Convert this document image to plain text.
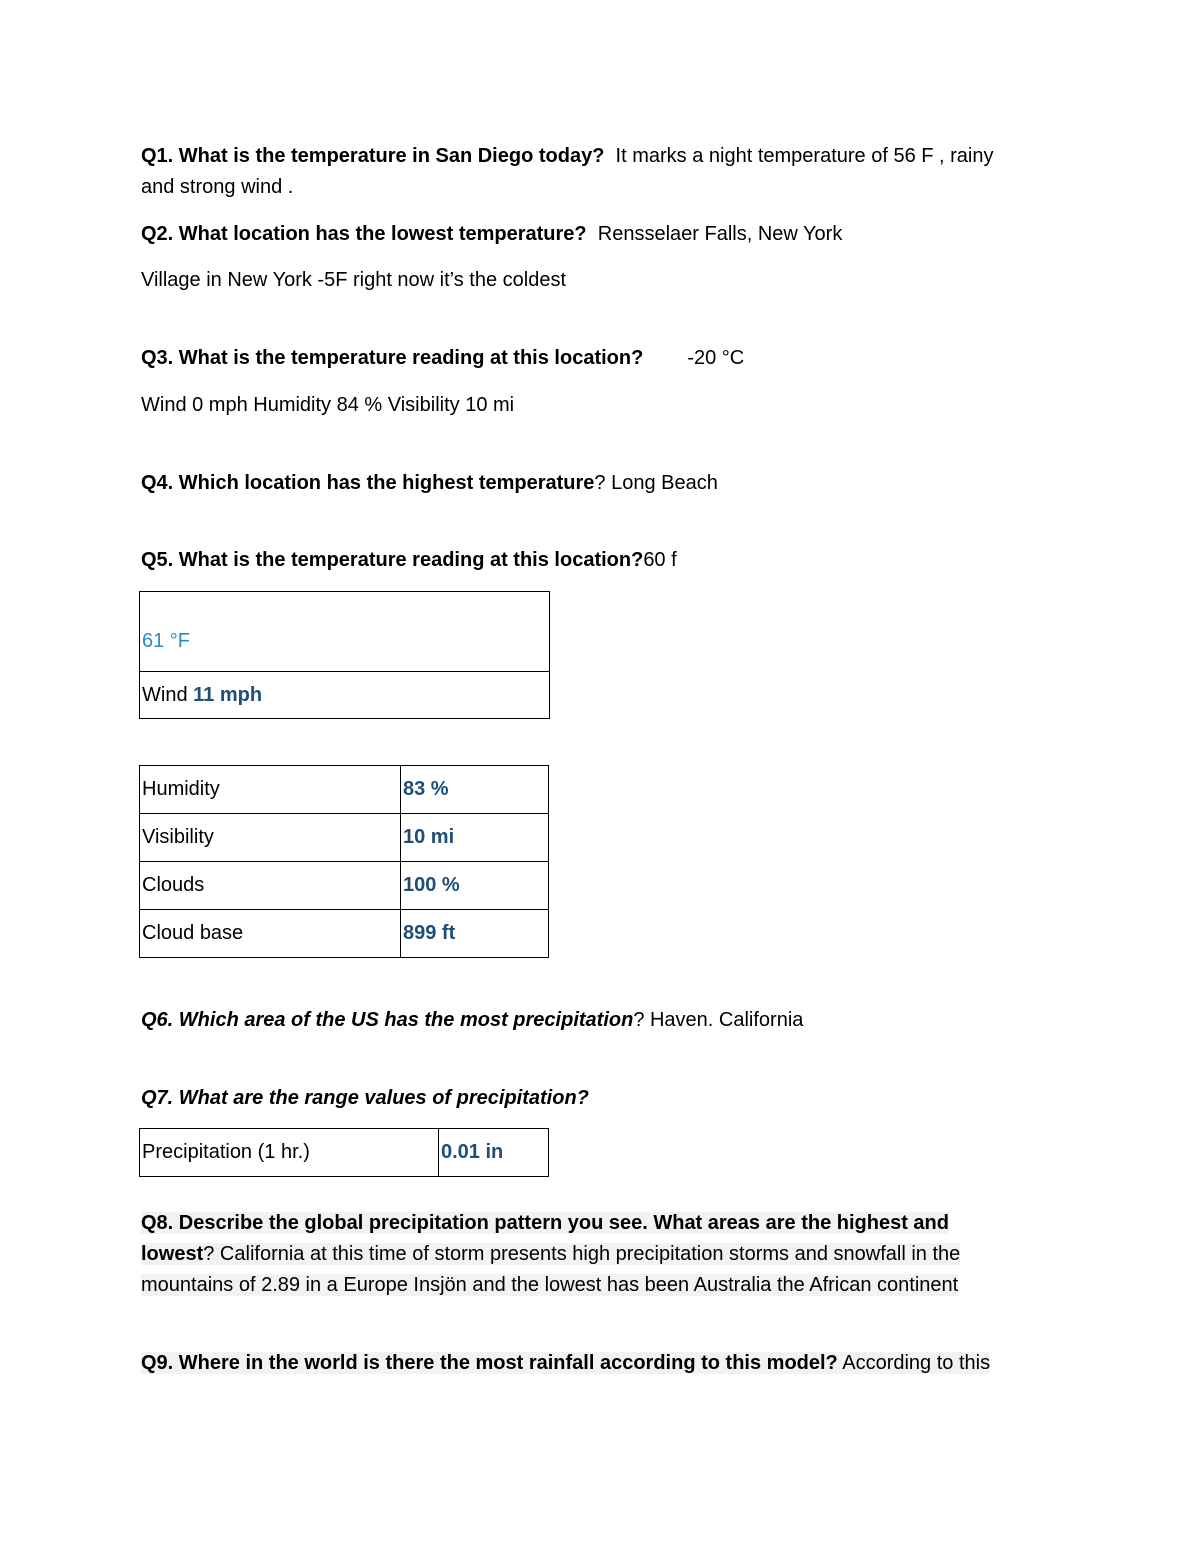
Q1. What is the temperature in San Diego today? It marks a night temperature of 56 F , rainy
and strong wind .
Q2. What location has the lowest temperature? Rensselaer Falls, New York
Village in New York -5F right now it’s the coldest
Q3. What is the temperature reading at this location? -20 °C
Wind 0 mph Humidity 84 % Visibility 10 mi
Q4. Which location has the highest temperature? Long Beach
Q5. What is the temperature reading at this location?60 f
61 °F
Wind 11 mph
Humidity	83 %
Visibility	10 mi
Clouds	100 %
Cloud base	899 ft
Q6. Which area of the US has the most precipitation? Haven. California
Q7. What are the range values of precipitation?
Precipitation (1 hr.)	0.01 in
Q8. Describe the global precipitation pattern you see. What areas are the highest and
lowest? California at this time of storm presents high precipitation storms and snowfall in the
mountains of 2.89 in a Europe Insjön and the lowest has been Australia the African continent
Q9. Where in the world is there the most rainfall according to this model? According to this
